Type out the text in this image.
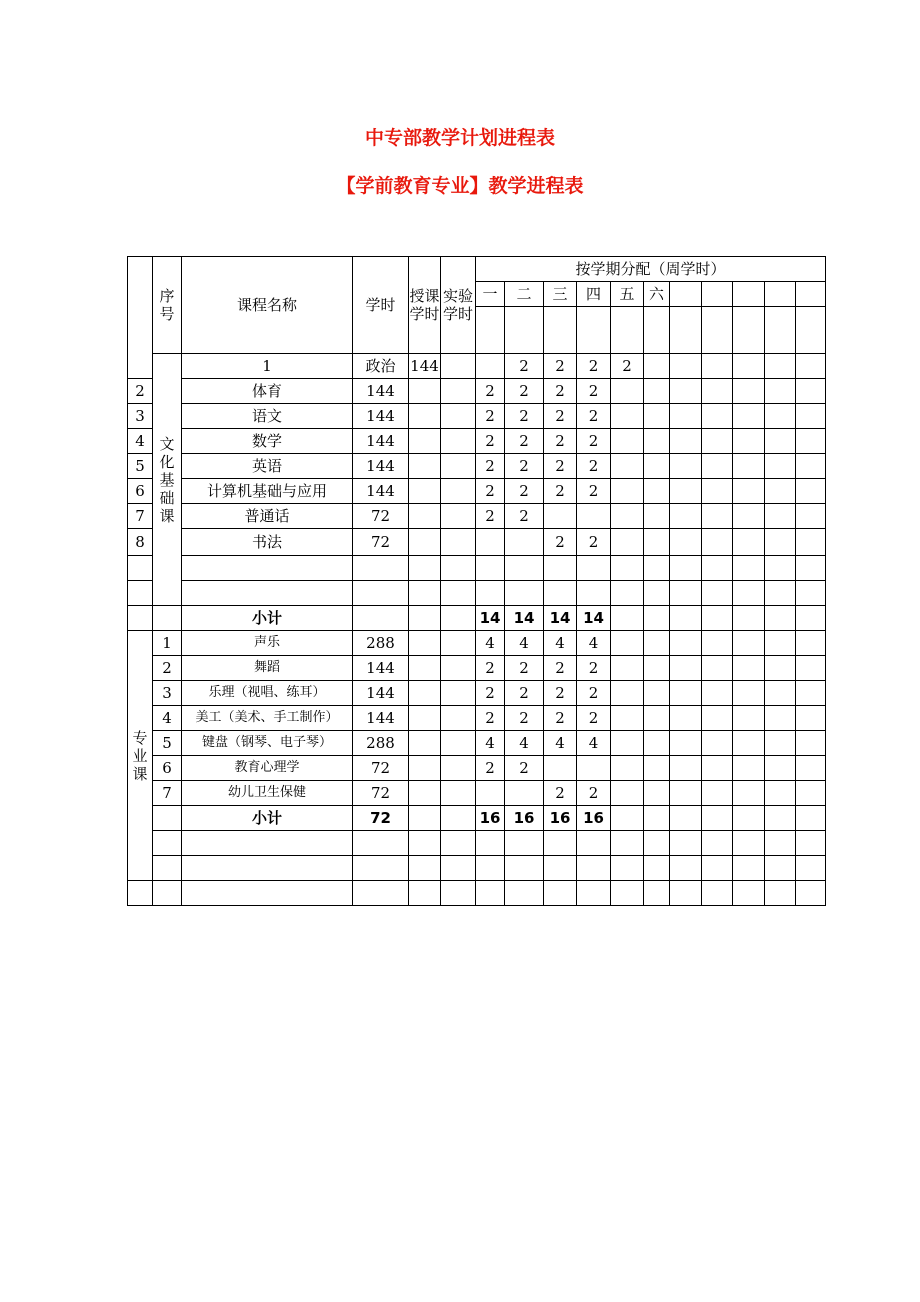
中专部教学计划进程表
【学前教育专业】教学进程表
	序号	课程名称	学时	授课学时	实验学时	按学期分配（周学时）											
						一	二	三	四	五	六						

	文化基础课	1	政治	144			2	2	2	2							
2		体育	144			2	2	2	2								
3		语文	144			2	2	2	2								
4		数学	144			2	2	2	2								
5		英语	144			2	2	2	2								
6		计算机基础与应用	144			2	2	2	2								
7		普通话	72			2	2										
8		书法	72					2	2								

		小计				14	14	14	14								
专业课	1	声乐	288			4	4	4	4								
	2	舞蹈	144			2	2	2	2								
	3	乐理（视唱、练耳）	144			2	2	2	2								
	4	美工（美术、手工制作）	144			2	2	2	2								
	5	键盘（钢琴、电子琴）	288			4	4	4	4								
	6	教育心理学	72			2	2										
	7	幼儿卫生保健	72					2	2								
		小计	72			16	16	16	16								
